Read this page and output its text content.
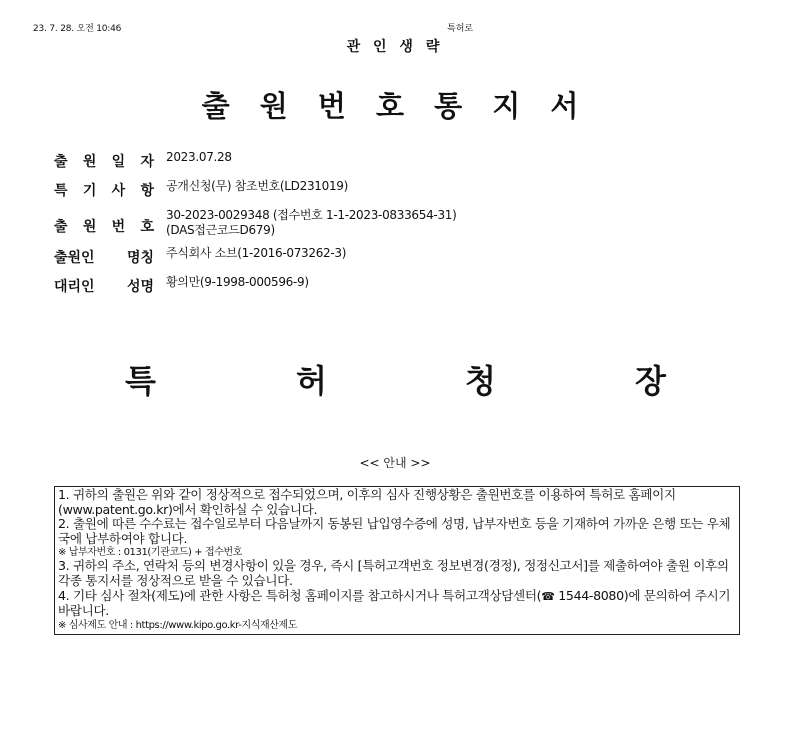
23. 7. 28. 오전 10:46	특허로
관 인 생 략
출 원 번 호 통 지 서
출 원 일 자 2023.07.28
특 기 사 항 공개신청(무) 참조번호(LD231019)
출 원 번 호
30-2023-0029348 (접수번호 1-1-2023-0833654-31)
(DAS접근코드D679)
출원인 명칭 주식회사 소브(1-2016-073262-3)
대리인 성명 황의만(9-1998-000596-9)
특	허	청	장
<< 안내 >>

1. 귀하의 출원은 위와 같이 정상적으로 접수되었으며, 이후의 심사 진행상황은 출원번호를 이용하여 특허로 홈페이지(www.patent.go.kr)에서 확인하실 수 있습니다.

2. 출원에 따른 수수료는 접수일로부터 다음날까지 동봉된 납입영수증에 성명, 납부자번호 등을 기재하여 가까운 은행 또는 우체국에 납부하여야 합니다.

※ 납부자번호 : 0131(기관코드) + 접수번호

3. 귀하의 주소, 연락처 등의 변경사항이 있을 경우, 즉시 [특허고객번호 정보변경(경정), 정정신고서]를 제출하여야 출원 이후의 각종 통지서를 정상적으로 받을 수 있습니다.

4. 기타 심사 절차(제도)에 관한 사항은 특허청 홈페이지를 참고하시거나 특허고객상담센터(☎ 1544-8080)에 문의하여 주시기 바랍니다.

※ 심사제도 안내 : https://www.kipo.go.kr-지식재산제도
